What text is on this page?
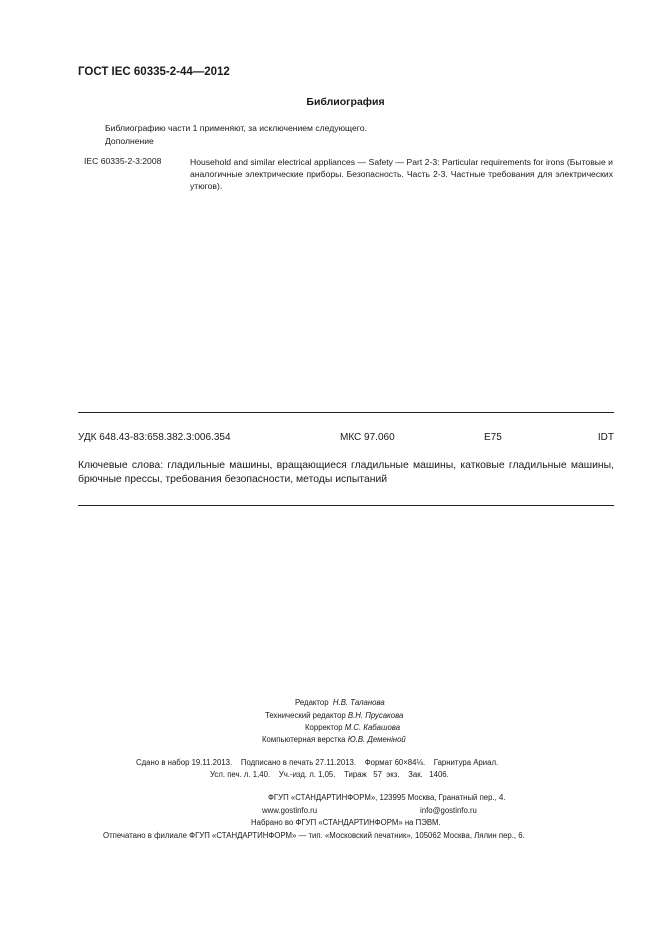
ГОСТ IEC 60335-2-44—2012
Библиография
Библиографию части 1 применяют, за исключением следующего.
Дополнение
IEC 60335-2-3:2008	Household and similar electrical appliances — Safety — Part 2-3: Particular requirements for irons (Бытовые и аналогичные электрические приборы. Безопасность. Часть 2-3. Частные требования для электрических утюгов).
УДК 648.43-83:658.382.3:006.354	МКС 97.060	E75	IDT
Ключевые слова: гладильные машины, вращающиеся гладильные машины, катковые гладильные машины, брючные прессы, требования безопасности, методы испытаний
Редактор Н.В. Таланова
Технический редактор В.Н. Прусакова
Корректор М.С. Кабашова
Компьютерная верстка Ю.В. Деменiной
Сдано в набор 19.11.2013.    Подписано в печать 27.11.2013.    Формат 60×84⅛.    Гарнитура Ариал.
Усл. печ. л. 1,40.    Уч.-изд. л. 1,05.    Тираж   57  экз.    Зак.   1406.
ФГУП «СТАНДАРТИНФОРМ», 123995 Москва, Гранатный пер., 4.
www.gostinfo.ru	info@gostinfo.ru
Набрано во ФГУП «СТАНДАРТИНФОРМ» на ПЭВМ.
Отпечатано в филиале ФГУП «СТАНДАРТИНФОРМ» — тип. «Московский печатник», 105062 Москва, Лялин пер., 6.
